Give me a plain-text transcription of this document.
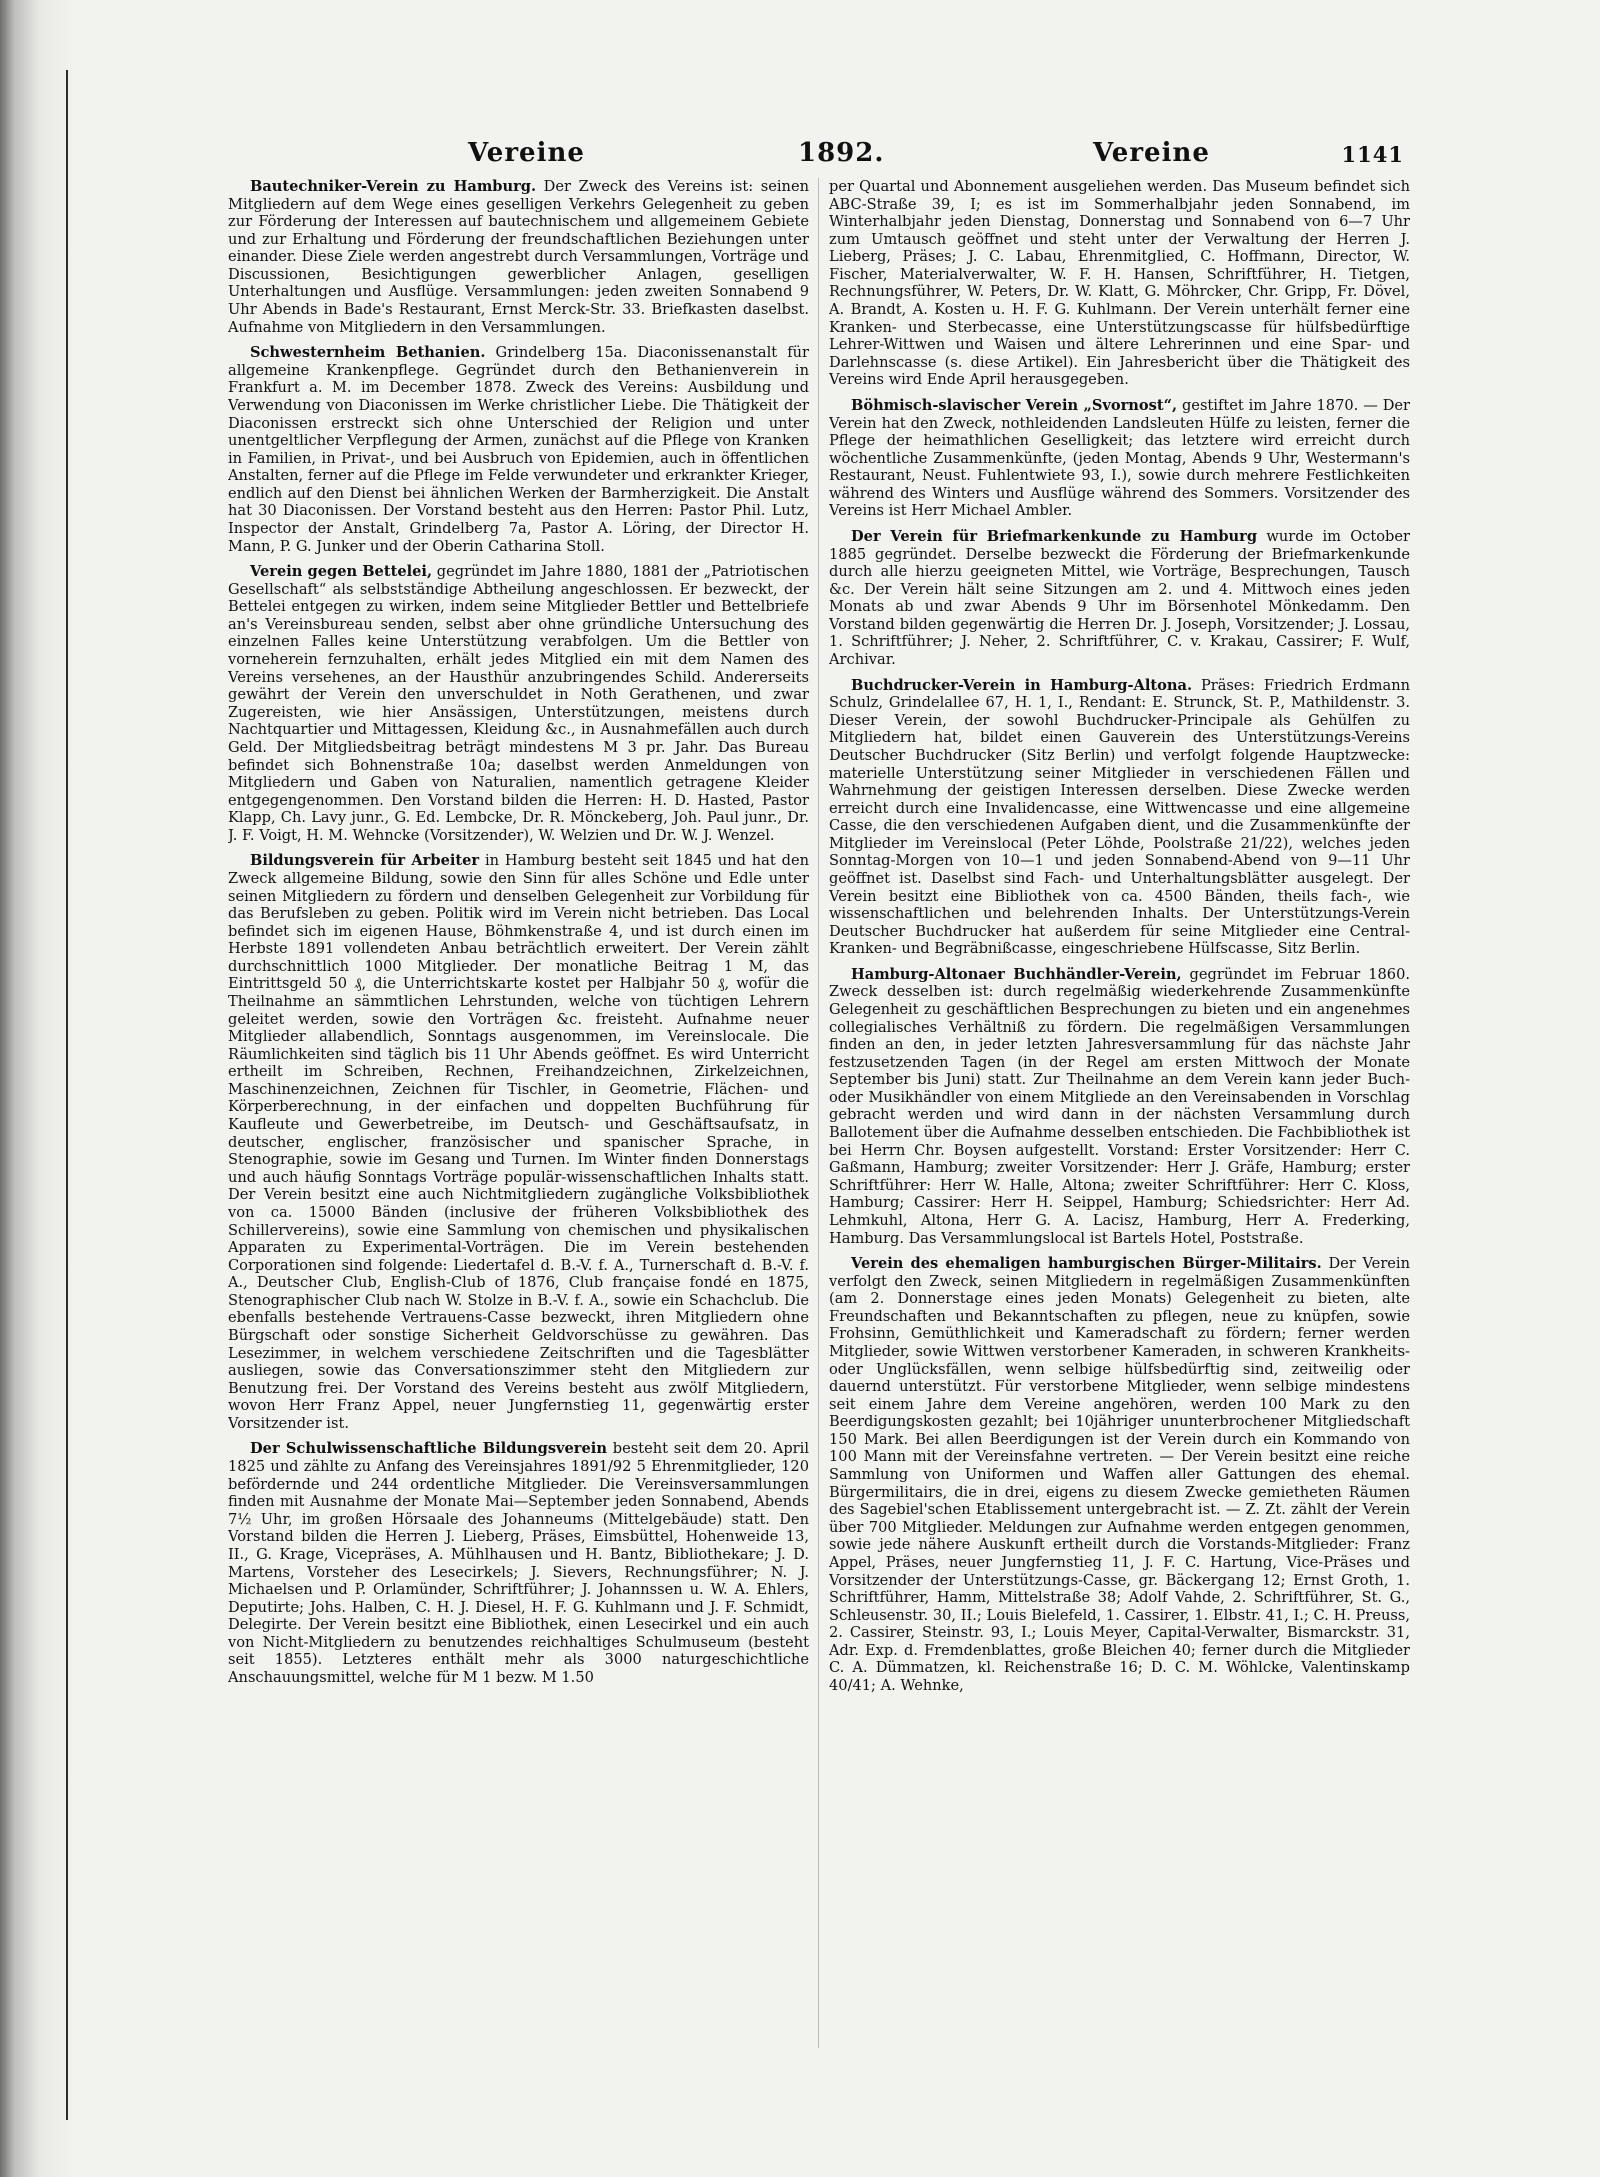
Vereine	1892.	Vereine	1141

Bautechniker-Verein zu Hamburg. Der Zweck des Vereins ist: seinen Mitgliedern auf dem Wege eines geselligen Verkehrs Gelegenheit zu geben zur Förderung der Interessen auf bautechnischem und allgemeinem Gebiete und zur Erhaltung und Förderung der freundschaftlichen Beziehungen unter einander. Diese Ziele werden angestrebt durch Versammlungen, Vorträge und Discussionen, Besichtigungen gewerblicher Anlagen, geselligen Unterhaltungen und Ausflüge. Versammlungen: jeden zweiten Sonnabend 9 Uhr Abends in Bade's Restaurant, Ernst Merck-Str. 33. Briefkasten daselbst. Aufnahme von Mitgliedern in den Versammlungen.

Schwesternheim Bethanien. Grindelberg 15a. Diaconissenanstalt für allgemeine Krankenpflege. Gegründet durch den Bethanienverein in Frankfurt a. M. im December 1878. Zweck des Vereins: Ausbildung und Verwendung von Diaconissen im Werke christlicher Liebe. Die Thätigkeit der Diaconissen erstreckt sich ohne Unterschied der Religion und unter unentgeltlicher Verpflegung der Armen, zunächst auf die Pflege von Kranken in Familien, in Privat-, und bei Ausbruch von Epidemien, auch in öffentlichen Anstalten, ferner auf die Pflege im Felde verwundeter und erkrankter Krieger, endlich auf den Dienst bei ähnlichen Werken der Barmherzigkeit. Die Anstalt hat 30 Diaconissen. Der Vorstand besteht aus den Herren: Pastor Phil. Lutz, Inspector der Anstalt, Grindelberg 7a, Pastor A. Löring, der Director H. Mann, P. G. Junker und der Oberin Catharina Stoll.

Verein gegen Bettelei, gegründet im Jahre 1880, 1881 der „Patriotischen Gesellschaft“ als selbstständige Abtheilung angeschlossen. Er bezweckt, der Bettelei entgegen zu wirken, indem seine Mitglieder Bettler und Bettelbriefe an's Vereinsbureau senden, selbst aber ohne gründliche Untersuchung des einzelnen Falles keine Unterstützung verabfolgen. Um die Bettler von vorneherein fernzuhalten, erhält jedes Mitglied ein mit dem Namen des Vereins versehenes, an der Hausthür anzubringendes Schild. Andererseits gewährt der Verein den unverschuldet in Noth Gerathenen, und zwar Zugereisten, wie hier Ansässigen, Unterstützungen, meistens durch Nachtquartier und Mittagessen, Kleidung &c., in Ausnahmefällen auch durch Geld. Der Mitgliedsbeitrag beträgt mindestens M 3 pr. Jahr. Das Bureau befindet sich Bohnenstraße 10a; daselbst werden Anmeldungen von Mitgliedern und Gaben von Naturalien, namentlich getragene Kleider entgegengenommen. Den Vorstand bilden die Herren: H. D. Hasted, Pastor Klapp, Ch. Lavy junr., G. Ed. Lembcke, Dr. R. Mönckeberg, Joh. Paul junr., Dr. J. F. Voigt, H. M. Wehncke (Vorsitzender), W. Welzien und Dr. W. J. Wenzel.

Bildungsverein für Arbeiter in Hamburg besteht seit 1845 und hat den Zweck allgemeine Bildung, sowie den Sinn für alles Schöne und Edle unter seinen Mitgliedern zu fördern und denselben Gelegenheit zur Vorbildung für das Berufsleben zu geben. Politik wird im Verein nicht betrieben. Das Local befindet sich im eigenen Hause, Böhmkenstraße 4, und ist durch einen im Herbste 1891 vollendeten Anbau beträchtlich erweitert. Der Verein zählt durchschnittlich 1000 Mitglieder. Der monatliche Beitrag 1 M, das Eintrittsgeld 50 ₰, die Unterrichtskarte kostet per Halbjahr 50 ₰, wofür die Theilnahme an sämmtlichen Lehrstunden, welche von tüchtigen Lehrern geleitet werden, sowie den Vorträgen &c. freisteht. Aufnahme neuer Mitglieder allabendlich, Sonntags ausgenommen, im Vereinslocale. Die Räumlichkeiten sind täglich bis 11 Uhr Abends geöffnet. Es wird Unterricht ertheilt im Schreiben, Rechnen, Freihandzeichnen, Zirkelzeichnen, Maschinenzeichnen, Zeichnen für Tischler, in Geometrie, Flächen- und Körperberechnung, in der einfachen und doppelten Buchführung für Kaufleute und Gewerbetreibe, im Deutsch- und Geschäftsaufsatz, in deutscher, englischer, französischer und spanischer Sprache, in Stenographie, sowie im Gesang und Turnen. Im Winter finden Donnerstags und auch häufig Sonntags Vorträge populär-wissenschaftlichen Inhalts statt. Der Verein besitzt eine auch Nichtmitgliedern zugängliche Volksbibliothek von ca. 15000 Bänden (inclusive der früheren Volksbibliothek des Schillervereins), sowie eine Sammlung von chemischen und physikalischen Apparaten zu Experimental-Vorträgen. Die im Verein bestehenden Corporationen sind folgende: Liedertafel d. B.-V. f. A., Turnerschaft d. B.-V. f. A., Deutscher Club, English-Club of 1876, Club française fondé en 1875, Stenographischer Club nach W. Stolze in B.-V. f. A., sowie ein Schachclub. Die ebenfalls bestehende Vertrauens-Casse bezweckt, ihren Mitgliedern ohne Bürgschaft oder sonstige Sicherheit Geldvorschüsse zu gewähren. Das Lesezimmer, in welchem verschiedene Zeitschriften und die Tagesblätter ausliegen, sowie das Conversationszimmer steht den Mitgliedern zur Benutzung frei. Der Vorstand des Vereins besteht aus zwölf Mitgliedern, wovon Herr Franz Appel, neuer Jungfernstieg 11, gegenwärtig erster Vorsitzender ist.

Der Schulwissenschaftliche Bildungsverein besteht seit dem 20. April 1825 und zählte zu Anfang des Vereinsjahres 1891/92 5 Ehrenmitglieder, 120 befördernde und 244 ordentliche Mitglieder. Die Vereinsversammlungen finden mit Ausnahme der Monate Mai—September jeden Sonnabend, Abends 7½ Uhr, im großen Hörsaale des Johanneums (Mittelgebäude) statt. Den Vorstand bilden die Herren J. Lieberg, Präses, Eimsbüttel, Hohenweide 13, II., G. Krage, Vicepräses, A. Mühlhausen und H. Bantz, Bibliothekare; J. D. Martens, Vorsteher des Lesecirkels; J. Sievers, Rechnungsführer; N. J. Michaelsen und P. Orlamünder, Schriftführer; J. Johannssen u. W. A. Ehlers, Deputirte; Johs. Halben, C. H. J. Diesel, H. F. G. Kuhlmann und J. F. Schmidt, Delegirte. Der Verein besitzt eine Bibliothek, einen Lesecirkel und ein auch von Nicht-Mitgliedern zu benutzendes reichhaltiges Schulmuseum (besteht seit 1855). Letzteres enthält mehr als 3000 naturgeschichtliche Anschauungsmittel, welche für M 1 bezw. M 1.50

per Quartal und Abonnement ausgeliehen werden. Das Museum befindet sich ABC-Straße 39, I; es ist im Sommerhalbjahr jeden Sonnabend, im Winterhalbjahr jeden Dienstag, Donnerstag und Sonnabend von 6—7 Uhr zum Umtausch geöffnet und steht unter der Verwaltung der Herren J. Lieberg, Präses; J. C. Labau, Ehrenmitglied, C. Hoffmann, Director, W. Fischer, Materialverwalter, W. F. H. Hansen, Schriftführer, H. Tietgen, Rechnungsführer, W. Peters, Dr. W. Klatt, G. Möhrcker, Chr. Gripp, Fr. Dövel, A. Brandt, A. Kosten u. H. F. G. Kuhlmann. Der Verein unterhält ferner eine Kranken- und Sterbecasse, eine Unterstützungscasse für hülfsbedürftige Lehrer-Wittwen und Waisen und ältere Lehrerinnen und eine Spar- und Darlehnscasse (s. diese Artikel). Ein Jahresbericht über die Thätigkeit des Vereins wird Ende April herausgegeben.

Böhmisch-slavischer Verein „Svornost“, gestiftet im Jahre 1870. — Der Verein hat den Zweck, nothleidenden Landsleuten Hülfe zu leisten, ferner die Pflege der heimathlichen Geselligkeit; das letztere wird erreicht durch wöchentliche Zusammenkünfte, (jeden Montag, Abends 9 Uhr, Westermann's Restaurant, Neust. Fuhlentwiete 93, I.), sowie durch mehrere Festlichkeiten während des Winters und Ausflüge während des Sommers. Vorsitzender des Vereins ist Herr Michael Ambler.

Der Verein für Briefmarkenkunde zu Hamburg wurde im October 1885 gegründet. Derselbe bezweckt die Förderung der Briefmarkenkunde durch alle hierzu geeigneten Mittel, wie Vorträge, Besprechungen, Tausch &c. Der Verein hält seine Sitzungen am 2. und 4. Mittwoch eines jeden Monats ab und zwar Abends 9 Uhr im Börsenhotel Mönkedamm. Den Vorstand bilden gegenwärtig die Herren Dr. J. Joseph, Vorsitzender; J. Lossau, 1. Schriftführer; J. Neher, 2. Schriftführer, C. v. Krakau, Cassirer; F. Wulf, Archivar.

Buchdrucker-Verein in Hamburg-Altona. Präses: Friedrich Erdmann Schulz, Grindelallee 67, H. 1, I., Rendant: E. Strunck, St. P., Mathildenstr. 3. Dieser Verein, der sowohl Buchdrucker-Principale als Gehülfen zu Mitgliedern hat, bildet einen Gauverein des Unterstützungs-Vereins Deutscher Buchdrucker (Sitz Berlin) und verfolgt folgende Hauptzwecke: materielle Unterstützung seiner Mitglieder in verschiedenen Fällen und Wahrnehmung der geistigen Interessen derselben. Diese Zwecke werden erreicht durch eine Invalidencasse, eine Wittwencasse und eine allgemeine Casse, die den verschiedenen Aufgaben dient, und die Zusammenkünfte der Mitglieder im Vereinslocal (Peter Löhde, Poolstraße 21/22), welches jeden Sonntag-Morgen von 10—1 und jeden Sonnabend-Abend von 9—11 Uhr geöffnet ist. Daselbst sind Fach- und Unterhaltungsblätter ausgelegt. Der Verein besitzt eine Bibliothek von ca. 4500 Bänden, theils fach-, wie wissenschaftlichen und belehrenden Inhalts. Der Unterstützungs-Verein Deutscher Buchdrucker hat außerdem für seine Mitglieder eine Central-Kranken- und Begräbnißcasse, eingeschriebene Hülfscasse, Sitz Berlin.

Hamburg-Altonaer Buchhändler-Verein, gegründet im Februar 1860. Zweck desselben ist: durch regelmäßig wiederkehrende Zusammenkünfte Gelegenheit zu geschäftlichen Besprechungen zu bieten und ein angenehmes collegialisches Verhältniß zu fördern. Die regelmäßigen Versammlungen finden an den, in jeder letzten Jahresversammlung für das nächste Jahr festzusetzenden Tagen (in der Regel am ersten Mittwoch der Monate September bis Juni) statt. Zur Theilnahme an dem Verein kann jeder Buch- oder Musikhändler von einem Mitgliede an den Vereinsabenden in Vorschlag gebracht werden und wird dann in der nächsten Versammlung durch Ballotement über die Aufnahme desselben entschieden. Die Fachbibliothek ist bei Herrn Chr. Boysen aufgestellt. Vorstand: Erster Vorsitzender: Herr C. Gaßmann, Hamburg; zweiter Vorsitzender: Herr J. Gräfe, Hamburg; erster Schriftführer: Herr W. Halle, Altona; zweiter Schriftführer: Herr C. Kloss, Hamburg; Cassirer: Herr H. Seippel, Hamburg; Schiedsrichter: Herr Ad. Lehmkuhl, Altona, Herr G. A. Lacisz, Hamburg, Herr A. Frederking, Hamburg. Das Versammlungslocal ist Bartels Hotel, Poststraße.

Verein des ehemaligen hamburgischen Bürger-Militairs. Der Verein verfolgt den Zweck, seinen Mitgliedern in regelmäßigen Zusammenkünften (am 2. Donnerstage eines jeden Monats) Gelegenheit zu bieten, alte Freundschaften und Bekanntschaften zu pflegen, neue zu knüpfen, sowie Frohsinn, Gemüthlichkeit und Kameradschaft zu fördern; ferner werden Mitglieder, sowie Wittwen verstorbener Kameraden, in schweren Krankheits- oder Unglücksfällen, wenn selbige hülfsbedürftig sind, zeitweilig oder dauernd unterstützt. Für verstorbene Mitglieder, wenn selbige mindestens seit einem Jahre dem Vereine angehören, werden 100 Mark zu den Beerdigungskosten gezahlt; bei 10jähriger ununterbrochener Mitgliedschaft 150 Mark. Bei allen Beerdigungen ist der Verein durch ein Kommando von 100 Mann mit der Vereinsfahne vertreten. — Der Verein besitzt eine reiche Sammlung von Uniformen und Waffen aller Gattungen des ehemal. Bürgermilitairs, die in drei, eigens zu diesem Zwecke gemietheten Räumen des Sagebiel'schen Etablissement untergebracht ist. — Z. Zt. zählt der Verein über 700 Mitglieder. Meldungen zur Aufnahme werden entgegen genommen, sowie jede nähere Auskunft ertheilt durch die Vorstands-Mitglieder: Franz Appel, Präses, neuer Jungfernstieg 11, J. F. C. Hartung, Vice-Präses und Vorsitzender der Unterstützungs-Casse, gr. Bäckergang 12; Ernst Groth, 1. Schriftführer, Hamm, Mittelstraße 38; Adolf Vahde, 2. Schriftführer, St. G., Schleusenstr. 30, II.; Louis Bielefeld, 1. Cassirer, 1. Elbstr. 41, I.; C. H. Preuss, 2. Cassirer, Steinstr. 93, I.; Louis Meyer, Capital-Verwalter, Bismarckstr. 31, Adr. Exp. d. Fremdenblattes, große Bleichen 40; ferner durch die Mitglieder C. A. Dümmatzen, kl. Reichenstraße 16; D. C. M. Wöhlcke, Valentinskamp 40/41; A. Wehnke,
